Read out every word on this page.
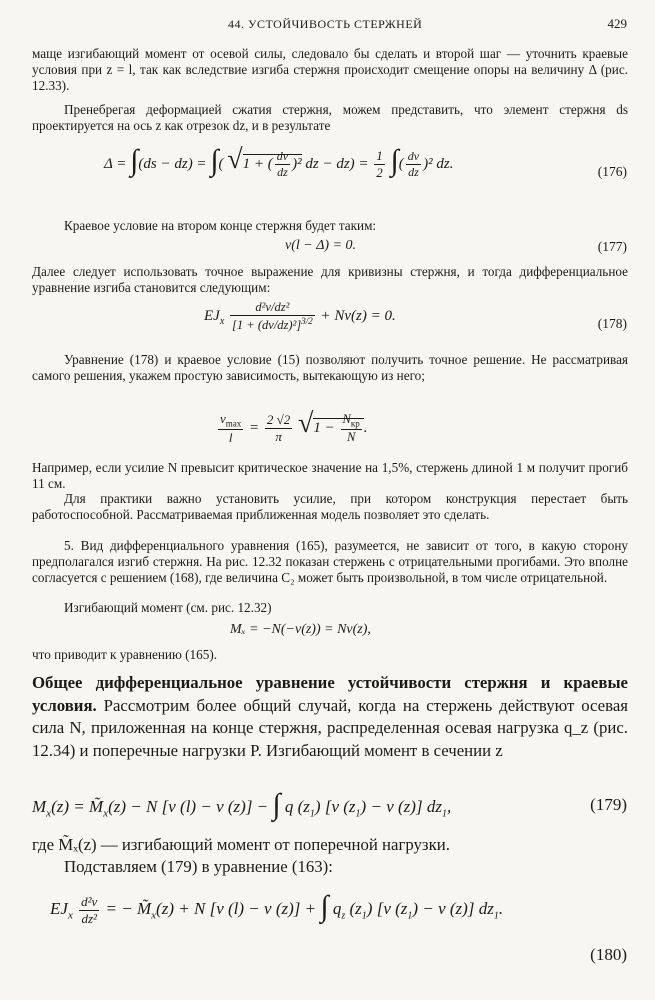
44. УСТОЙЧИВОСТЬ СТЕРЖНЕЙ	429
маще изгибающий момент от осевой силы, следовало бы сделать и второй шаг — уточнить краевые условия при z = l, так как вследствие изгиба стержня происходит смещение опоры на величину Δ (рис. 12.33).
Пренебрегая деформацией сжатия стержня, можем представить, что элемент стержня ds проектируется на ось z как отрезок dz, и в результате
Δ = ∫(ds − dz) = ∫( √1 + ( $\frac{dv}{dz} )^2$ dz − $dz) = \frac{1}{2}$ ∫( $\frac{dv}{dz} )^2$ dz.	(176)
Краевое условие на втором конце стержня будет таким:
v(l − Δ) = 0.	(177)
Далее следует использовать точное выражение для кривизны стержня, и тогда дифференциальное уравнение изгиба становится следующим:
$EJ_x \frac{\text{d²v/dz²}}{[1 + (dv/dz)^2]^{3/2}} + Nv(z) = 0$.	(178)
Уравнение (178) и краевое условие (15) позволяют получить точное решение. Не рассматривая самого решения, укажем простую зависимость, вытекающую из него;
$\frac{v_{max}}{l} = \frac{2 √2}{\pi} √1 - \frac{N_{кр}}{N}$ .
Например, если усилие N превысит критическое значение на 1,5%, стержень длиной 1 м получит прогиб 11 см.
Для практики важно установить усилие, при котором конструкция перестает быть работоспособной. Рассматриваемая приближенная модель позволяет это сделать.
5. Вид дифференциального уравнения (165), разумеется, не зависит от того, в какую сторону предполагался изгиб стержня. На рис. 12.32 показан стержень с отрицательными прогибами. Это вполне согласуется с решением (168), где величина C₂ может быть произвольной, в том числе отрицательной.
Изгибающий момент (см. рис. 12.32)
Mₓ = −N(−v(z)) = Nv(z),
что приводит к уравнению (165).
Общее дифференциальное уравнение устойчивости стержня и краевые условия. Рассмотрим более общий случай, когда на стержень действуют осевая сила N, приложенная на конце стержня, распределенная осевая нагрузка q_z (рис. 12.34) и поперечные нагрузки P. Изгибающий момент в сечении z
$M_x(z)$ = $M̃_x(z) - N$ [v (l) − v (z)] − ∫ q $(z_1)$ [v $(z_1) - v$ (z)] $dz_1$,	(179)
где M̃ₓ(z) — изгибающий момент от поперечной нагрузки.
Подставляем (179) в уравнение (163):
$EJ_x \frac{\text{d²v}}{\text{dz²}}$ = − $M̃_x(z) + N$ [v (l) − v (z)] + ∫ $q_z$ $(z_1)$ [v $(z_1) - v$ (z)] $dz_1$.
(180)
